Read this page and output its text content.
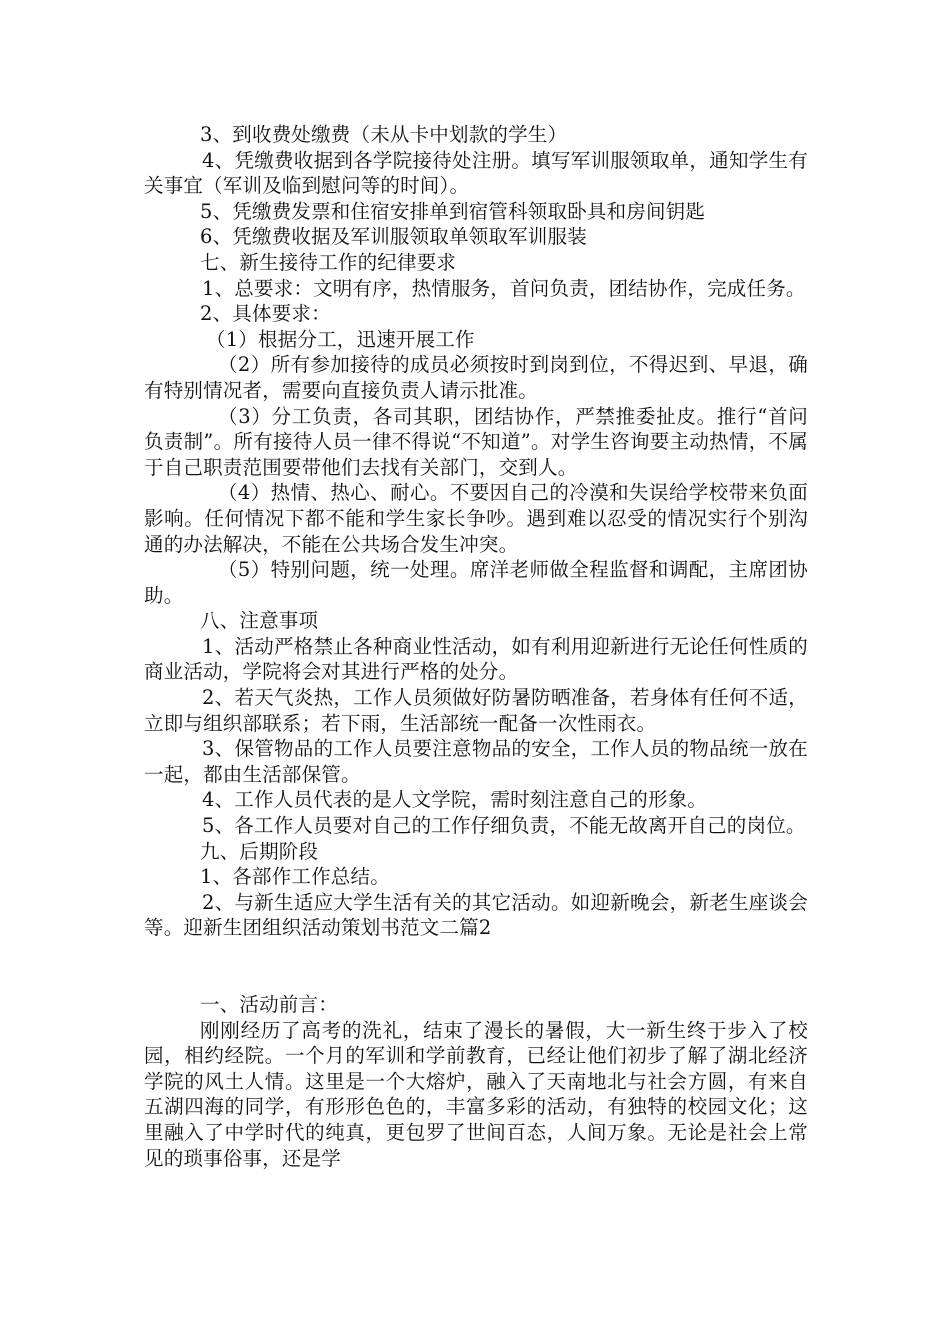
3、到收费处缴费（未从卡中划款的学生）

4、凭缴费收据到各学院接待处注册。填写军训服领取单，通知学生有关事宜（军训及临到慰问等的时间）。

5、凭缴费发票和住宿安排单到宿管科领取卧具和房间钥匙

6、凭缴费收据及军训服领取单领取军训服装

七、新生接待工作的纪律要求

1、总要求：文明有序，热情服务，首问负责，团结协作，完成任务。

2、具体要求：

（1）根据分工，迅速开展工作

（2）所有参加接待的成员必须按时到岗到位，不得迟到、早退，确有特别情况者，需要向直接负责人请示批准。

（3）分工负责，各司其职，团结协作，严禁推委扯皮。推行“首问负责制”。所有接待人员一律不得说“不知道”。对学生咨询要主动热情，不属于自己职责范围要带他们去找有关部门，交到人。

（4）热情、热心、耐心。不要因自己的冷漠和失误给学校带来负面影响。任何情况下都不能和学生家长争吵。遇到难以忍受的情况实行个别沟通的办法解决，不能在公共场合发生冲突。

（5）特别问题，统一处理。席洋老师做全程监督和调配，主席团协助。

八、注意事项

1、活动严格禁止各种商业性活动，如有利用迎新进行无论任何性质的商业活动，学院将会对其进行严格的处分。

2、若天气炎热，工作人员须做好防暑防晒准备，若身体有任何不适，立即与组织部联系；若下雨，生活部统一配备一次性雨衣。

3、保管物品的工作人员要注意物品的安全，工作人员的物品统一放在一起，都由生活部保管。

4、工作人员代表的是人文学院，需时刻注意自己的形象。

5、各工作人员要对自己的工作仔细负责，不能无故离开自己的岗位。

九、后期阶段

1、各部作工作总结。

2、与新生适应大学生活有关的其它活动。如迎新晚会，新老生座谈会等。迎新生团组织活动策划书范文二篇2

一、活动前言：

刚刚经历了高考的洗礼，结束了漫长的暑假，大一新生终于步入了校园，相约经院。一个月的军训和学前教育，已经让他们初步了解了湖北经济学院的风土人情。这里是一个大熔炉，融入了天南地北与社会方圆，有来自五湖四海的同学，有形形色色的，丰富多彩的活动，有独特的校园文化；这里融入了中学时代的纯真，更包罗了世间百态，人间万象。无论是社会上常见的琐事俗事，还是学
